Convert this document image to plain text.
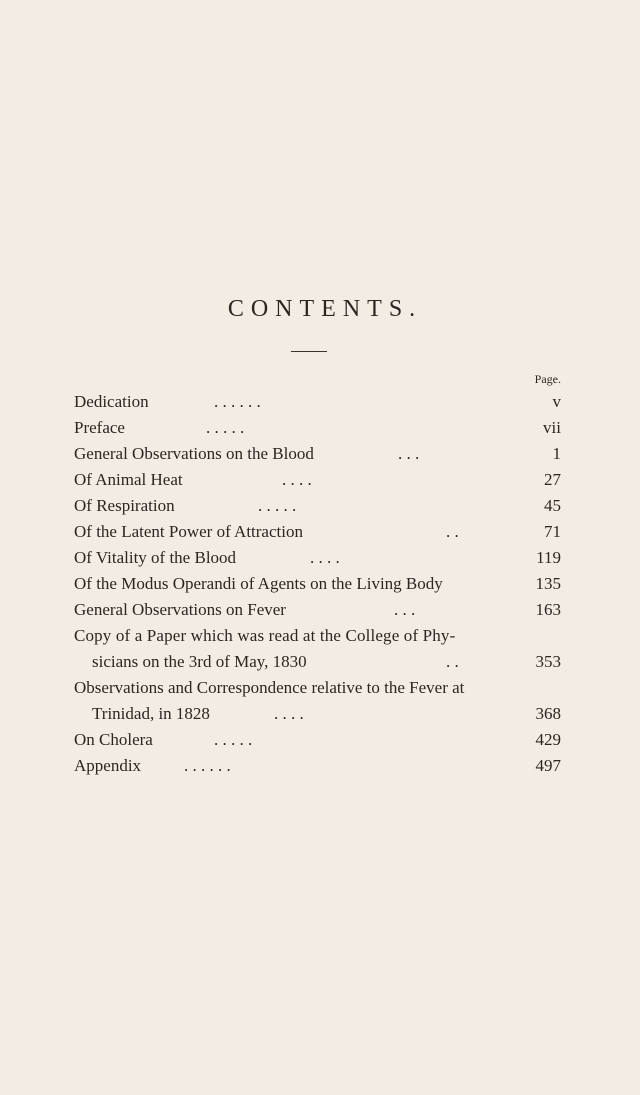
CONTENTS.
Page.
Dedication	. . . . . .	v
Preface	. . . . .	vii
General Observations on the Blood	. . .	1
Of Animal Heat	. . . .	27
Of Respiration	. . . . .	45
Of the Latent Power of Attraction	. .	71
Of Vitality of the Blood	. . . .	119
Of the Modus Operandi of Agents on the Living Body	135
General Observations on Fever	. . .	163
Copy of a Paper which was read at the College of Phy-
sicians on the 3rd of May, 1830	. .	353
Observations and Correspondence relative to the Fever at
Trinidad, in 1828	. . . .	368
On Cholera	. . . . .	429
Appendix	. . . . . .	497
